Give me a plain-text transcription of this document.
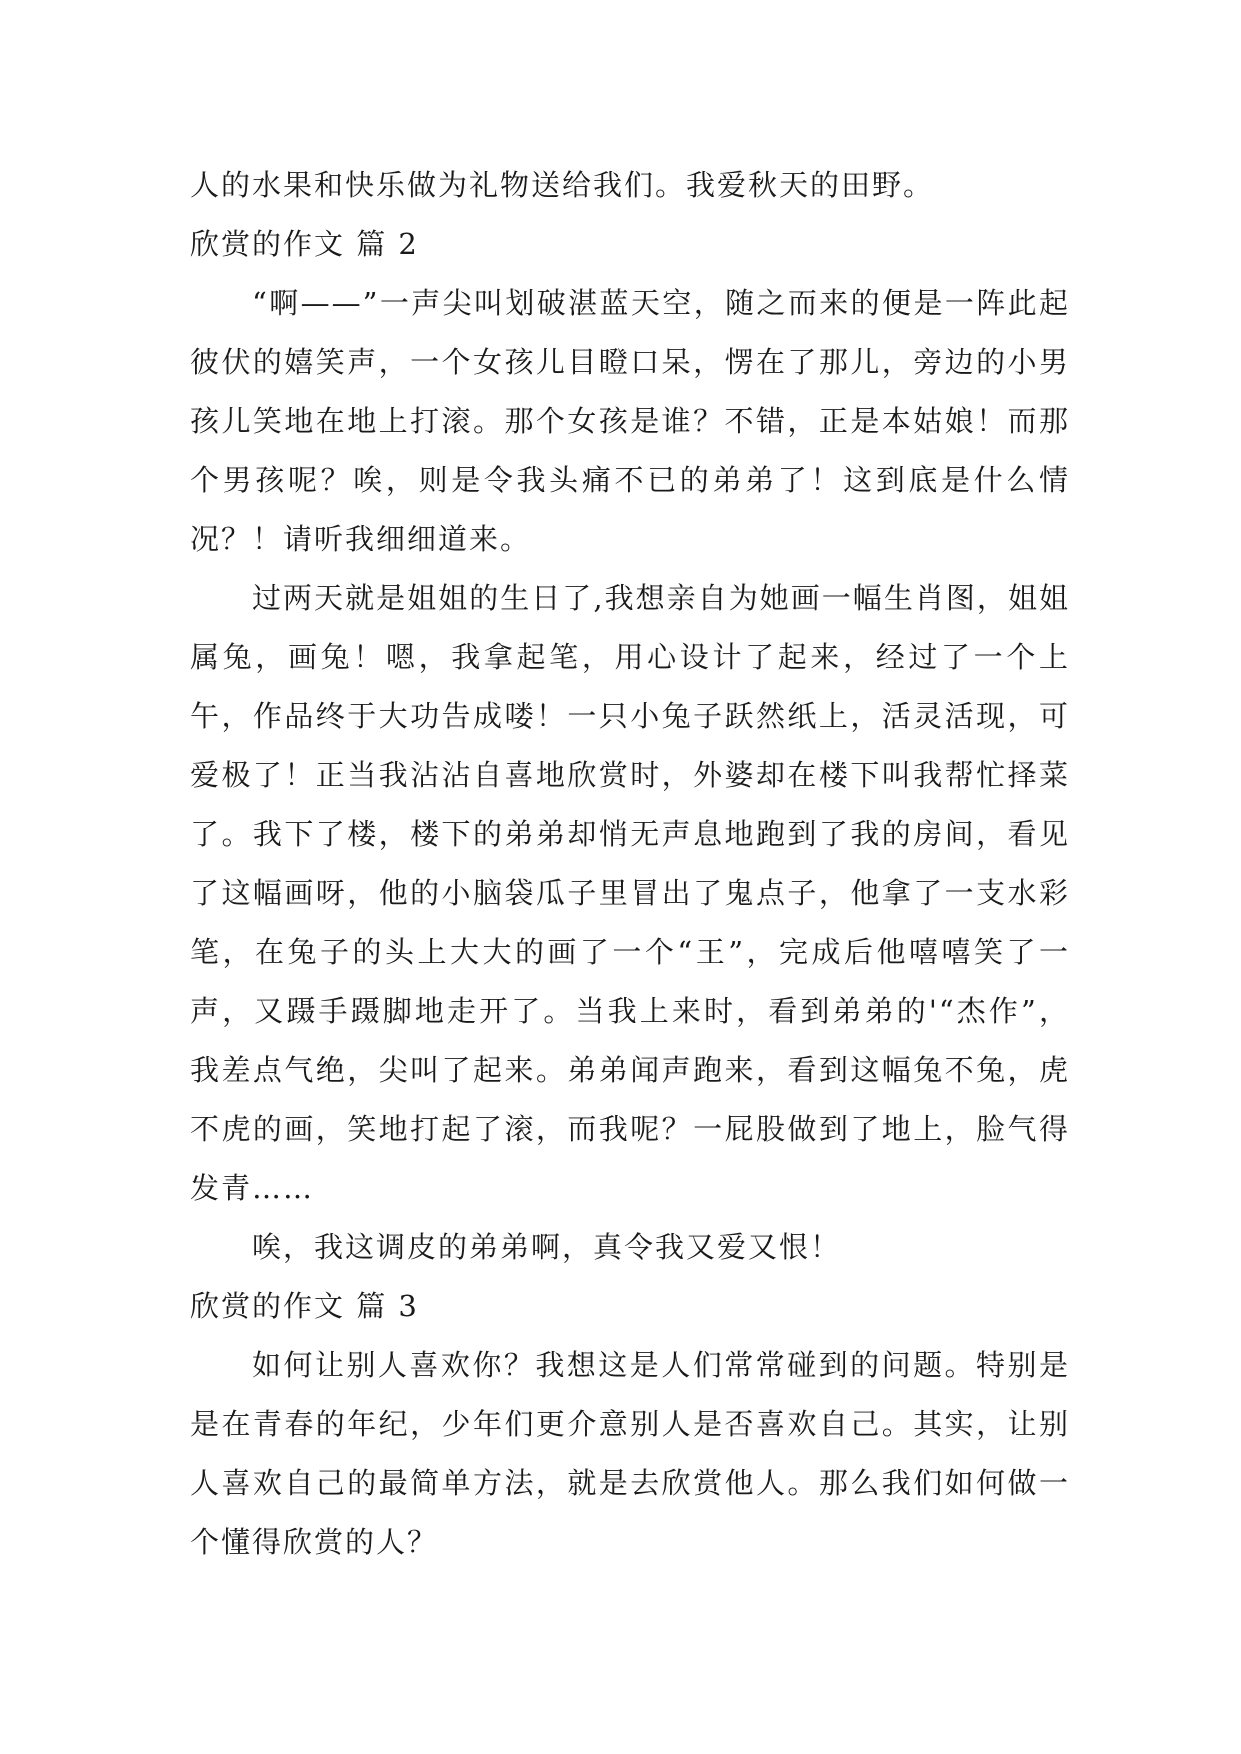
人的水果和快乐做为礼物送给我们。我爱秋天的田野。

欣赏的作文 篇 2

“啊——”一声尖叫划破湛蓝天空，随之而来的便是一阵此起彼伏的嬉笑声，一个女孩儿目瞪口呆，愣在了那儿，旁边的小男孩儿笑地在地上打滚。那个女孩是谁？不错，正是本姑娘！而那个男孩呢？唉，则是令我头痛不已的弟弟了！这到底是什么情况？！请听我细细道来。

过两天就是姐姐的生日了,我想亲自为她画一幅生肖图，姐姐属兔，画兔！嗯，我拿起笔，用心设计了起来，经过了一个上午，作品终于大功告成喽！一只小兔子跃然纸上，活灵活现，可爱极了！正当我沾沾自喜地欣赏时，外婆却在楼下叫我帮忙择菜了。我下了楼，楼下的弟弟却悄无声息地跑到了我的房间，看见了这幅画呀，他的小脑袋瓜子里冒出了鬼点子，他拿了一支水彩笔，在兔子的头上大大的画了一个“王”，完成后他嘻嘻笑了一声，又蹑手蹑脚地走开了。当我上来时，看到弟弟的'“杰作”，我差点气绝，尖叫了起来。弟弟闻声跑来，看到这幅兔不兔，虎不虎的画，笑地打起了滚，而我呢？一屁股做到了地上，脸气得发青……

唉，我这调皮的弟弟啊，真令我又爱又恨！

欣赏的作文 篇 3

如何让别人喜欢你？我想这是人们常常碰到的问题。特别是是在青春的年纪，少年们更介意别人是否喜欢自己。其实，让别人喜欢自己的最简单方法，就是去欣赏他人。那么我们如何做一个懂得欣赏的人？
